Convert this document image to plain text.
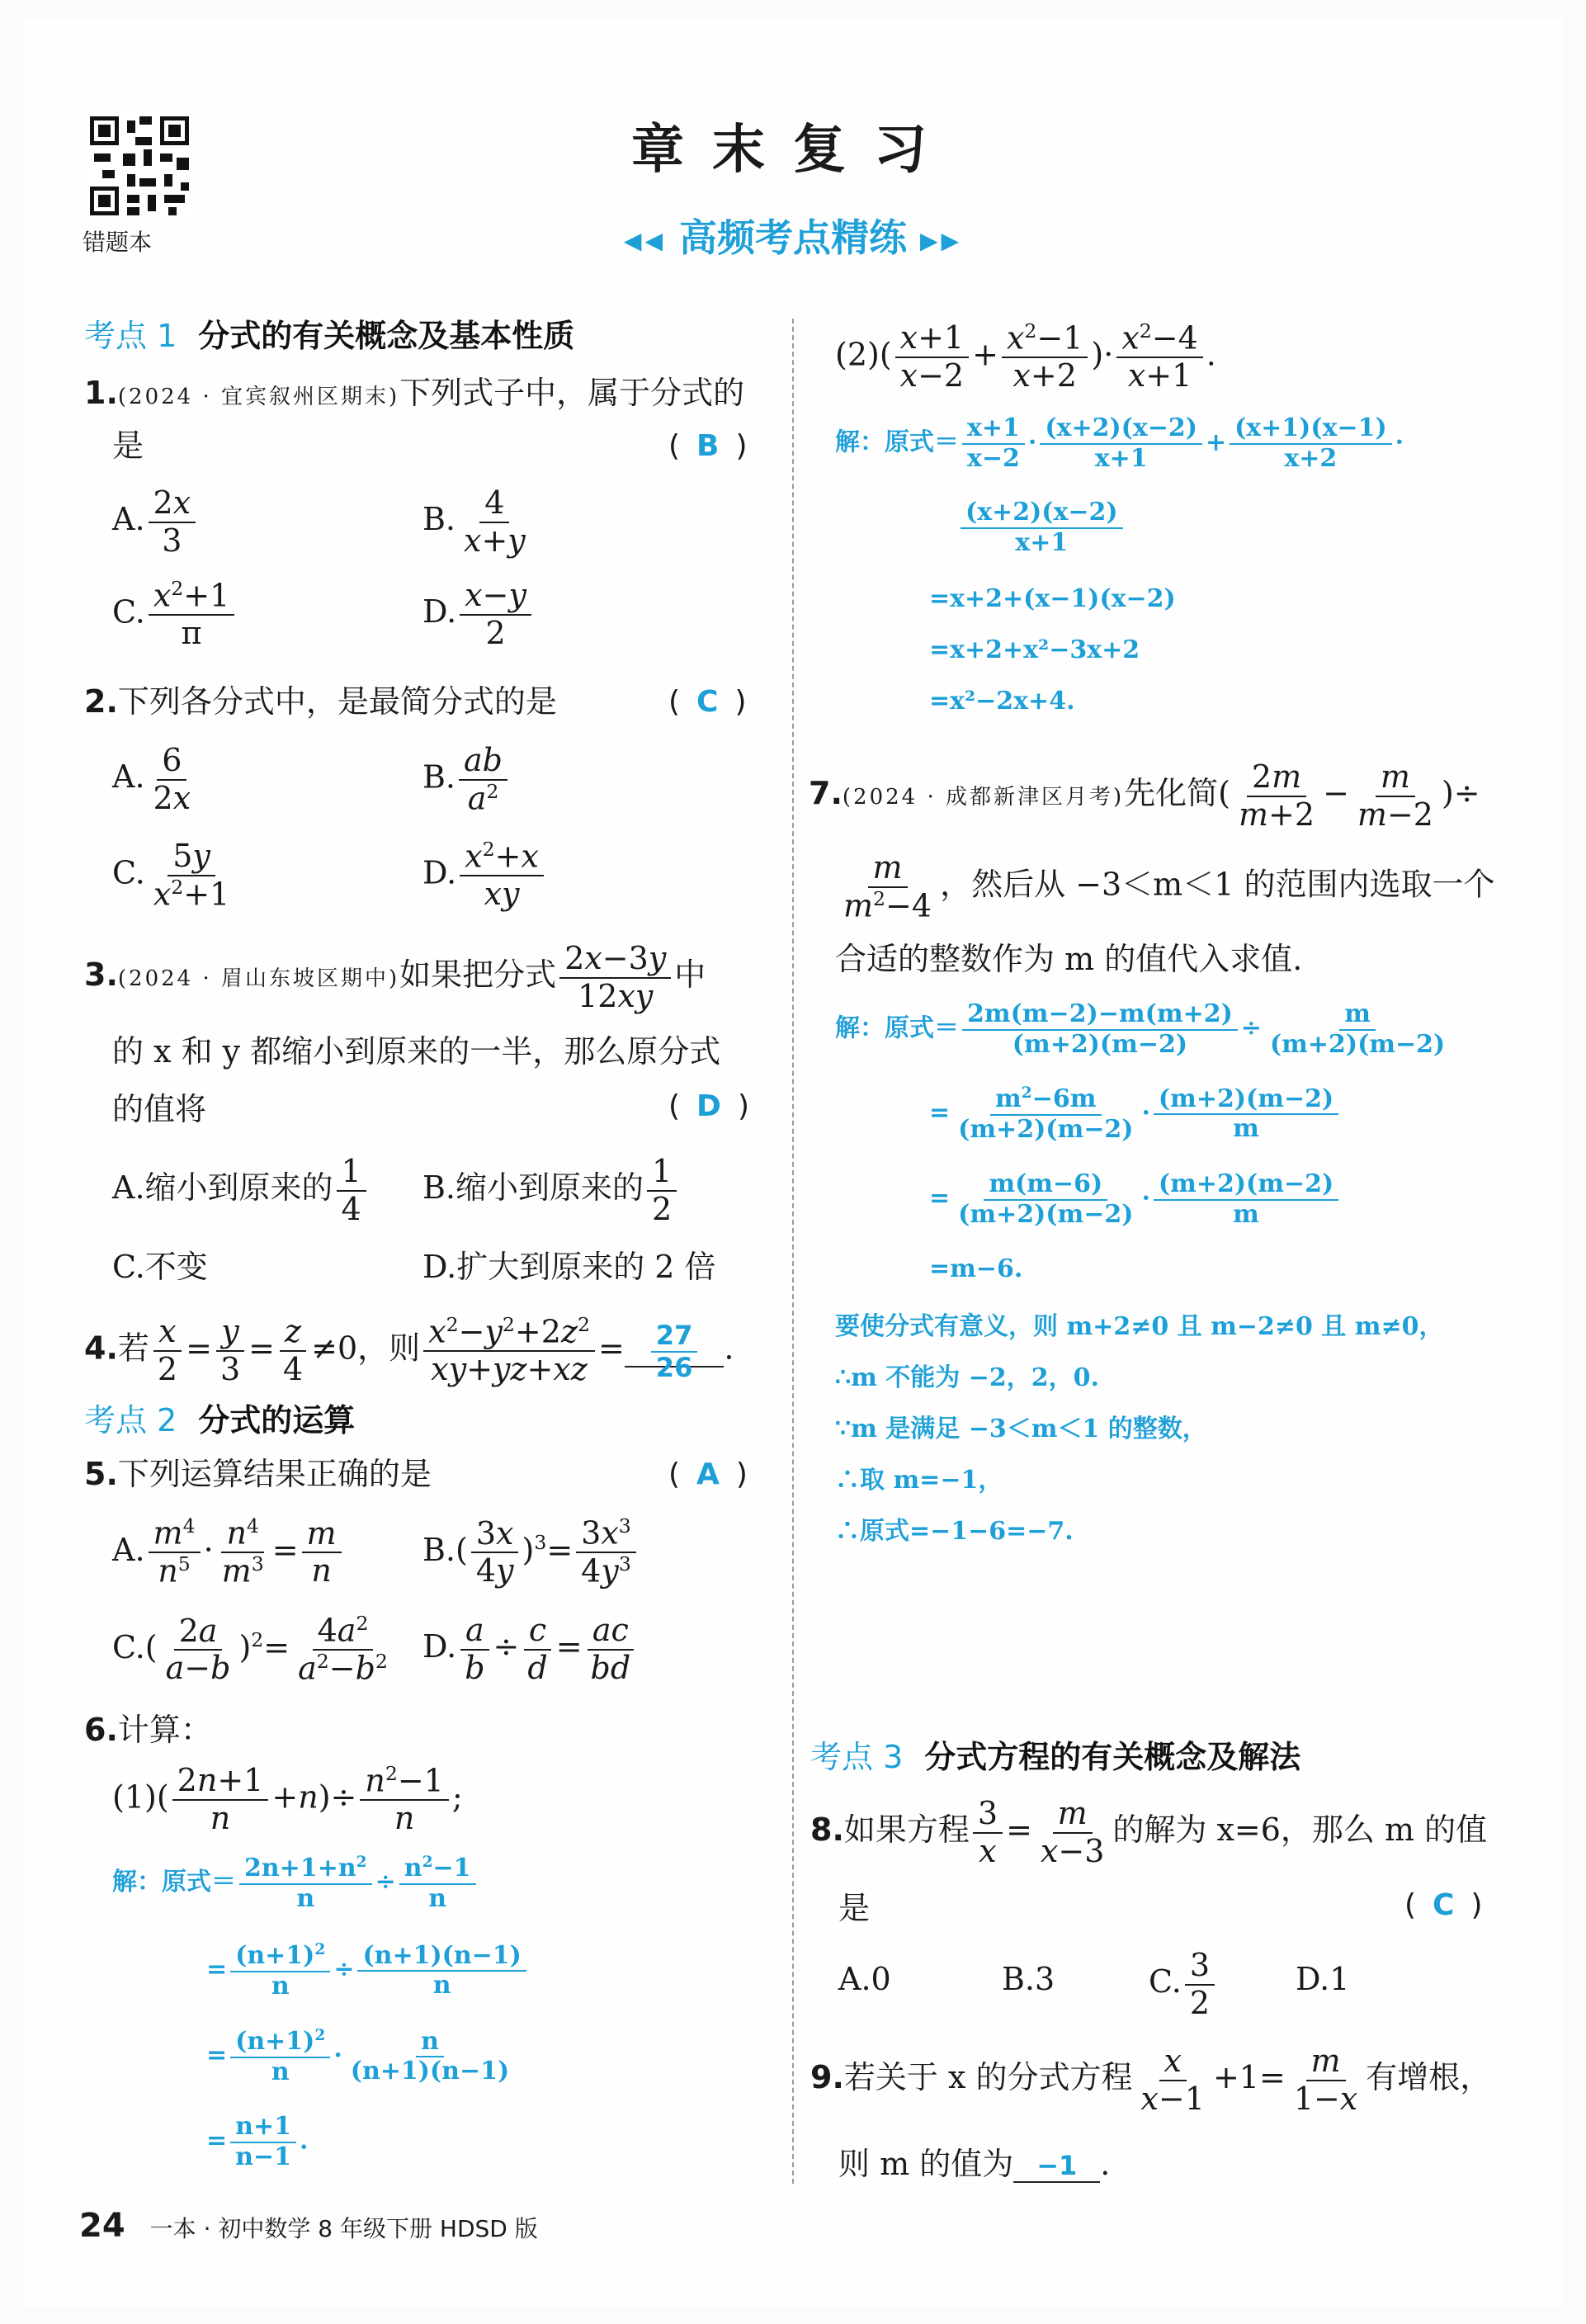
错题本
章末复习
◀◀ 高频考点精练 ▶▶
考点 1 分式的有关概念及基本性质
1.(2024 · 宜宾叙州区期末)下列式子中，属于分式的
是	( B )
A. $\frac{2x}{3}$	B. $\frac{4}{x+y}$
C. $\frac{x^2+1}{\pi}$	D. $\frac{x-y}{2}$
2.下列各分式中，是最简分式的是	( C )
A. $\frac{6}{2x}$	B. $\frac{ab}{a^2}$
C. $\frac{5y}{x^2+1}$	D. $\frac{x^2+x}{xy}$
3.(2024 · 眉山东坡区期中)如果把分式 $\frac{2x-3y}{12xy}$ 中
的 x 和 y 都缩小到原来的一半，那么原分式
的值将	( D )
A.缩小到原来的 $\frac{1}{4} B$.缩小到原来的 $\frac{1}{2}$
C.不变	D.扩大到原来的 2 倍
4.若 $\frac{x}{2} = \frac{y}{3} = \frac{z}{4} \ne 0$，则 $\frac{x^2-y^2+2z^2}{xy+yz+xz} = \frac{27}{26}$ .
考点 2 分式的运算
5.下列运算结果正确的是	( A )
A. $\frac{m^4}{n^5} \cdot \frac{n^4}{m^3} = \frac{m}{n}$	$B.( \frac{3x}{4y} )^3= \frac{3x^3}{4y^3}$
$C.( \frac{2a}{a-b} )^2= \frac{4a^2}{a^2-b^2} D$. $\frac{a}{b} \div \frac{c}{d} = \frac{ac}{bd}$
6.计算：
$(1)( \frac{2n+1}{n} +n)\div \frac{n^2-1}{n}$ ;
解：原式＝ $\frac{2n+1+n^2}{n} \div \frac{n^2-1}{n}$
= $\frac{(n+1)^2}{n} \div \frac{(n+1)(n-1)}{n}$
= $\frac{(n+1)^2}{n} \cdot \frac{n}{(n+1)(n-1)}$
= $\frac{n+1}{n-1}$ .
$(2)( \frac{x+1}{x-2} + \frac{x^2-1}{x+2}$ )· $\frac{x^2-4}{x+1}$ .
解：原式＝ $\frac{x+1}{x-2} \cdot \frac{(x+2)(x-2)}{x+1} + \frac{(x+1)(x-1)}{x+2}$ ·
$\frac{(x+2)(x-2)}{x+1}$
=x+2+(x−1)(x−2)
=x+2+x²−3x+2
=x²−2x+4.
7.(2024 · 成都新津区月考)先化简( $\frac{2m}{m+2} - \frac{m}{m-2}$ )÷
$\frac{m}{m^2-4}$ ，然后从 −3＜m＜1 的范围内选取一个
合适的整数作为 m 的值代入求值.
解：原式＝ $\frac{2m(m-2)-m(m+2)}{(m+2)(m-2)} \div \frac{m}{(m+2)(m-2)}$
= $\frac{m^2-6m}{(m+2)(m-2)} \cdot \frac{(m+2)(m-2)}{m}$
= $\frac{m(m-6)}{(m+2)(m-2)} \cdot \frac{(m+2)(m-2)}{m}$
=m−6.
要使分式有意义，则 m+2≠0 且 m−2≠0 且 m≠0，
∴m 不能为 −2，2，0.
∵m 是满足 −3＜m＜1 的整数，
∴取 m=−1，
∴原式=−1−6=−7.
考点 3 分式方程的有关概念及解法
8.如果方程 $\frac{3}{x} = \frac{m}{x-3}$ 的解为 x=6，那么 m 的值
是	( C )
A.0	B.3	C. $\frac{3}{2}$	D.1
9.若关于 x 的分式方程 $\frac{x}{x-1} +1= \frac{m}{1-x}$ 有增根，
则 m 的值为 −1 .
24 一本 · 初中数学 8 年级下册 HDSD 版
